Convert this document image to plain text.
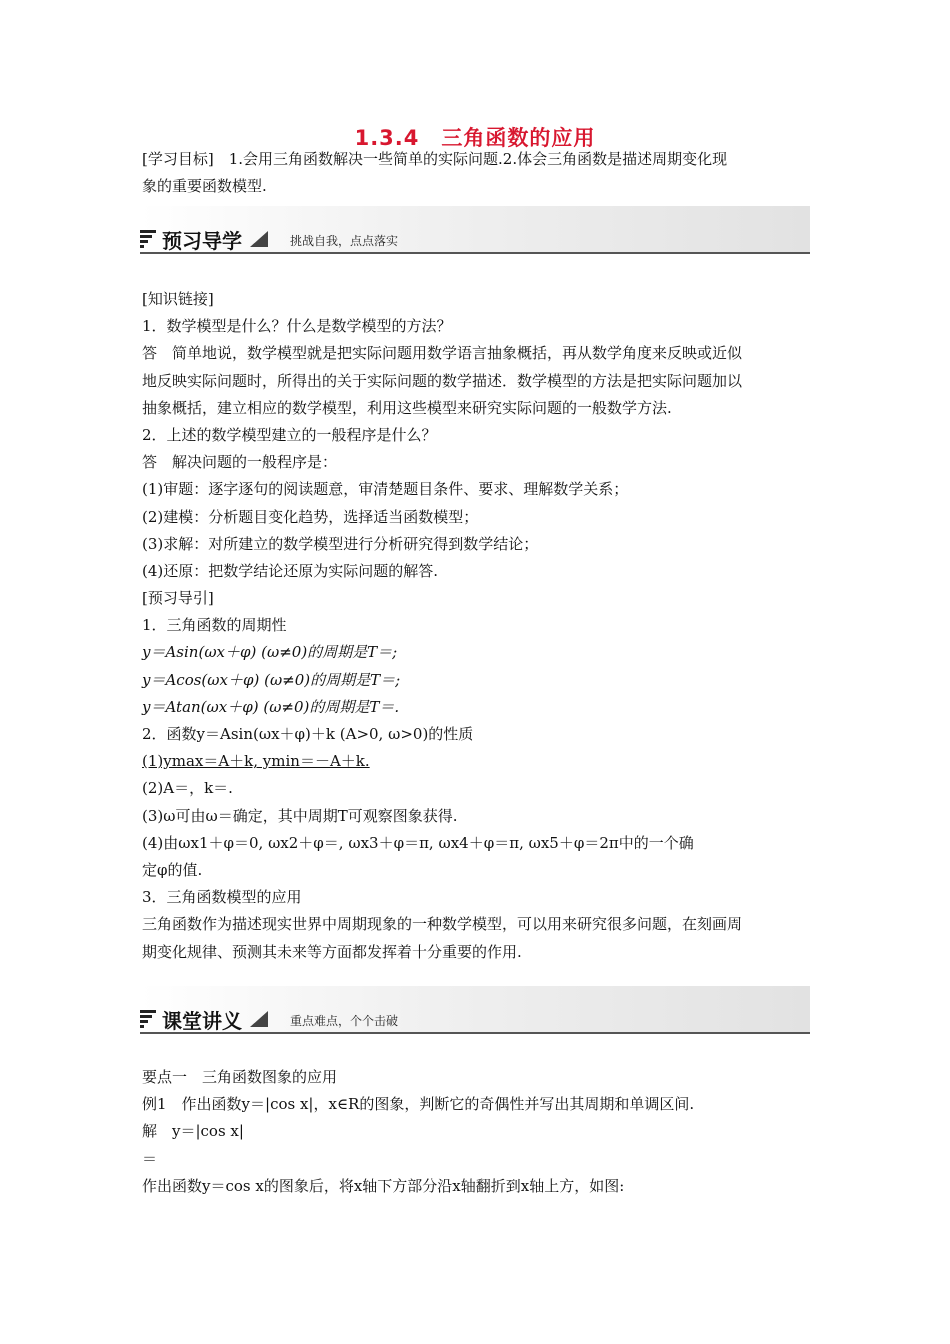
1.3.4　三角函数的应用
[学习目标]　1.会用三角函数解决一些简单的实际问题.2.体会三角函数是描述周期变化现
象的重要函数模型.
预习导学	挑战自我，点点落实
[知识链接]
1．数学模型是什么？什么是数学模型的方法？
答　简单地说，数学模型就是把实际问题用数学语言抽象概括，再从数学角度来反映或近似
地反映实际问题时，所得出的关于实际问题的数学描述．数学模型的方法是把实际问题加以
抽象概括，建立相应的数学模型，利用这些模型来研究实际问题的一般数学方法.
2．上述的数学模型建立的一般程序是什么？
答　解决问题的一般程序是：
(1)审题：逐字逐句的阅读题意，审清楚题目条件、要求、理解数学关系；
(2)建模：分析题目变化趋势，选择适当函数模型；
(3)求解：对所建立的数学模型进行分析研究得到数学结论；
(4)还原：把数学结论还原为实际问题的解答.
[预习导引]
1．三角函数的周期性
y＝Asin(ωx＋φ) (ω≠0)的周期是T＝;
y＝Acos(ωx＋φ) (ω≠0)的周期是T＝;
y＝Atan(ωx＋φ) (ω≠0)的周期是T＝.
2．函数y＝Asin(ωx＋φ)＋k (A>0, ω>0)的性质
(1)ymax＝A＋k, ymin＝－A＋k.
(2)A＝，k＝.
(3)ω可由ω＝确定，其中周期T可观察图象获得.
(4)由ωx1＋φ＝0, ωx2＋φ＝, ωx3＋φ＝π, ωx4＋φ＝π, ωx5＋φ＝2π中的一个确
定φ的值.
3．三角函数模型的应用
三角函数作为描述现实世界中周期现象的一种数学模型，可以用来研究很多问题，在刻画周
期变化规律、预测其未来等方面都发挥着十分重要的作用.
课堂讲义	重点难点，个个击破
要点一　三角函数图象的应用
例1　作出函数y＝|cos x|，x∈R的图象，判断它的奇偶性并写出其周期和单调区间.
解　y＝|cos x|
＝
作出函数y＝cos x的图象后，将x轴下方部分沿x轴翻折到x轴上方，如图:
